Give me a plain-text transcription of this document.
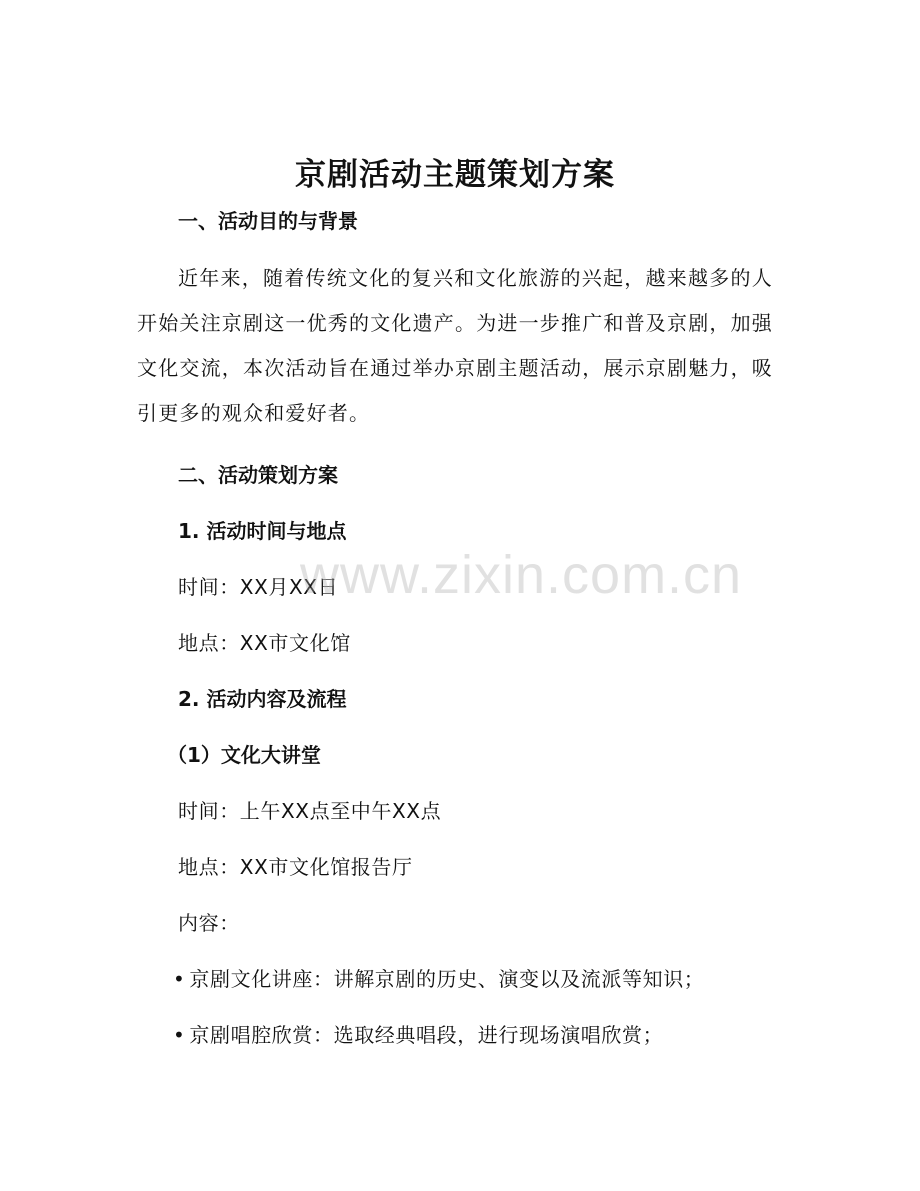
京剧活动主题策划方案
一、活动目的与背景

近年来，随着传统文化的复兴和文化旅游的兴起，越来越多的人开始关注京剧这一优秀的文化遗产。为进一步推广和普及京剧，加强文化交流，本次活动旨在通过举办京剧主题活动，展示京剧魅力，吸引更多的观众和爱好者。

二、活动策划方案
1. 活动时间与地点
时间：XX月XX日
地点：XX市文化馆
2. 活动内容及流程
（1）文化大讲堂
时间：上午XX点至中午XX点
地点：XX市文化馆报告厅
内容：
• 京剧文化讲座：讲解京剧的历史、演变以及流派等知识；
• 京剧唱腔欣赏：选取经典唱段，进行现场演唱欣赏；
www.zixin.com.cn
